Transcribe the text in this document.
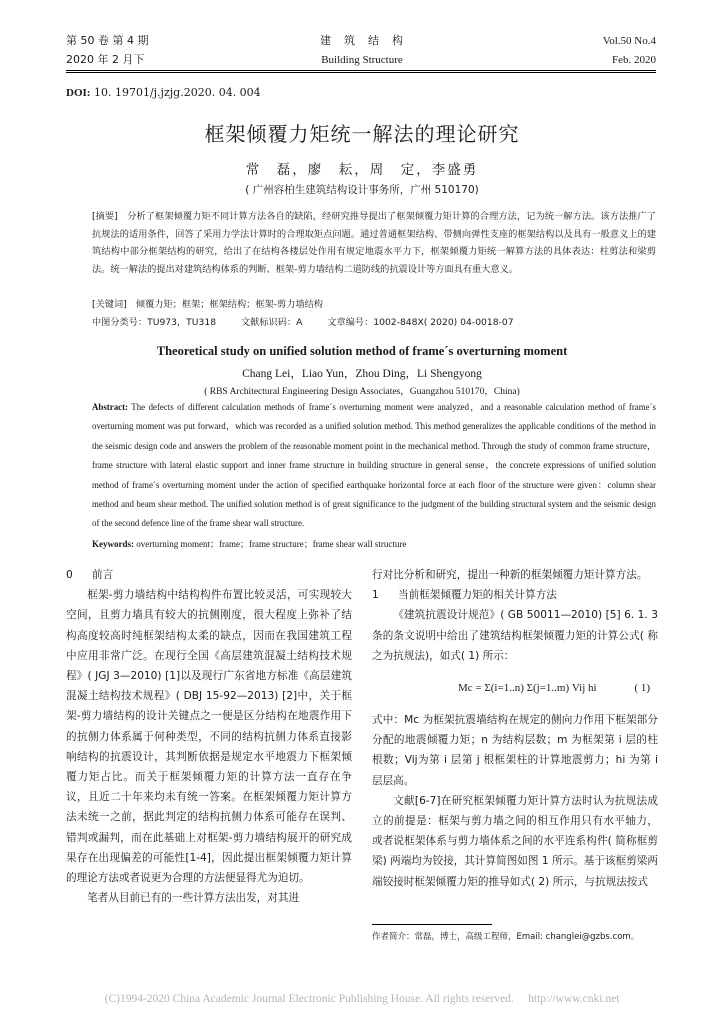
第 50 卷 第 4 期
2020 年 2 月下
建　筑　结　构
Building Structure
Vol.50 No.4
Feb. 2020
DOI: 10. 19701/j.jzjg.2020. 04. 004
框架倾覆力矩统一解法的理论研究
常　磊，廖　耘，周　定，李盛勇
( 广州容柏生建筑结构设计事务所，广州 510170)
[摘要]　分析了框架倾覆力矩不同计算方法各自的缺陷，经研究推导提出了框架倾覆力矩计算的合理方法，记为统一解方法。该方法推广了抗规法的适用条件，回答了采用力学法计算时的合理取矩点问题。通过普通框架结构、带侧向弹性支座的框架结构以及具有一般意义上的建筑结构中部分框架结构的研究，给出了在结构各楼层处作用有规定地震水平力下，框架倾覆力矩统一解算方法的具体表达：柱剪法和梁剪法。统一解法的提出对建筑结构体系的判断、框架-剪力墙结构二道防线的抗震设计等方面具有重大意义。
[关键词]　倾覆力矩；框架；框架结构；框架-剪力墙结构
中图分类号：TU973，TU318	文献标识码：A	文章编号：1002-848X( 2020) 04-0018-07
Theoretical study on unified solution method of frame´s overturning moment
Chang Lei，Liao Yun，Zhou Ding，Li Shengyong
( RBS Architectural Engineering Design Associates，Guangzhou 510170，China)
Abstract: The defects of different calculation methods of frame´s overturning moment were analyzed，and a reasonable calculation method of frame´s overturning moment was put forward，which was recorded as a unified solution method. This method generalizes the applicable conditions of the method in the seismic design code and answers the problem of the reasonable moment point in the mechanical method. Through the study of common frame structure，frame structure with lateral elastic support and inner frame structure in building structure in general sense，the concrete expressions of unified solution method of frame´s overturning moment under the action of specified earthquake horizontal force at each floor of the structure were given：column shear method and beam shear method. The unified solution method is of great significance to the judgment of the building structural system and the seismic design of the second defence line of the frame shear wall structure.
Keywords: overturning moment；frame；frame structure；frame shear wall structure

0 前言

框架-剪力墙结构中结构构件布置比较灵活，可实现较大空间，且剪力墙具有较大的抗侧刚度，很大程度上弥补了结构高度较高时纯框架结构太柔的缺点，因而在我国建筑工程中应用非常广泛。在现行全国《高层建筑混凝土结构技术规程》( JGJ 3—2010) [1]以及现行广东省地方标准《高层建筑混凝土结构技术规程》( DBJ 15-92—2013) [2]中，关于框架-剪力墙结构的设计关键点之一便是区分结构在地震作用下的抗侧力体系属于何种类型，不同的结构抗侧力体系直接影响结构的抗震设计，其判断依据是规定水平地震力下框架倾覆力矩占比。而关于框架倾覆力矩的计算方法一直存在争议，且近二十年来均未有统一答案。在框架倾覆力矩计算方法未统一之前，据此判定的结构抗侧力体系可能存在误判、错判或漏判，而在此基础上对框架-剪力墙结构展开的研究成果存在出现偏差的可能性[1-4]，因此提出框架倾覆力矩计算的理论方法或者说更为合理的方法便显得尤为迫切。

笔者从目前已有的一些计算方法出发，对其进

行对比分析和研究，提出一种新的框架倾覆力矩计算方法。

1 当前框架倾覆力矩的相关计算方法

《建筑抗震设计规范》( GB 50011—2010) [5] 6. 1. 3 条的条文说明中给出了建筑结构框架倾覆力矩的计算公式( 称之为抗规法)，如式( 1) 所示：

Mc = Σ(i=1..n) Σ(j=1..m) Vij hi	( 1)

式中：Mc 为框架抗震墙结构在规定的侧向力作用下框架部分分配的地震倾覆力矩；n 为结构层数；m 为框架第 i 层的柱根数；Vij为第 i 层第 j 根框架柱的计算地震剪力；hi 为第 i 层层高。

文献[6-7]在研究框架倾覆力矩计算方法时认为抗规法成立的前提是：框架与剪力墙之间的相互作用只有水平轴力，或者说框架体系与剪力墙体系之间的水平连系构件( 简称框剪梁) 两端均为铰接，其计算简图如图 1 所示。基于该框剪梁两端铰接时框架倾覆力矩的推导如式( 2) 所示，与抗规法按式

作者简介：常磊，博士，高级工程师，Email: changlei@gzbs.com。
(C)1994-2020 China Academic Journal Electronic Publishing House. All rights reserved.　 http://www.cnki.net
